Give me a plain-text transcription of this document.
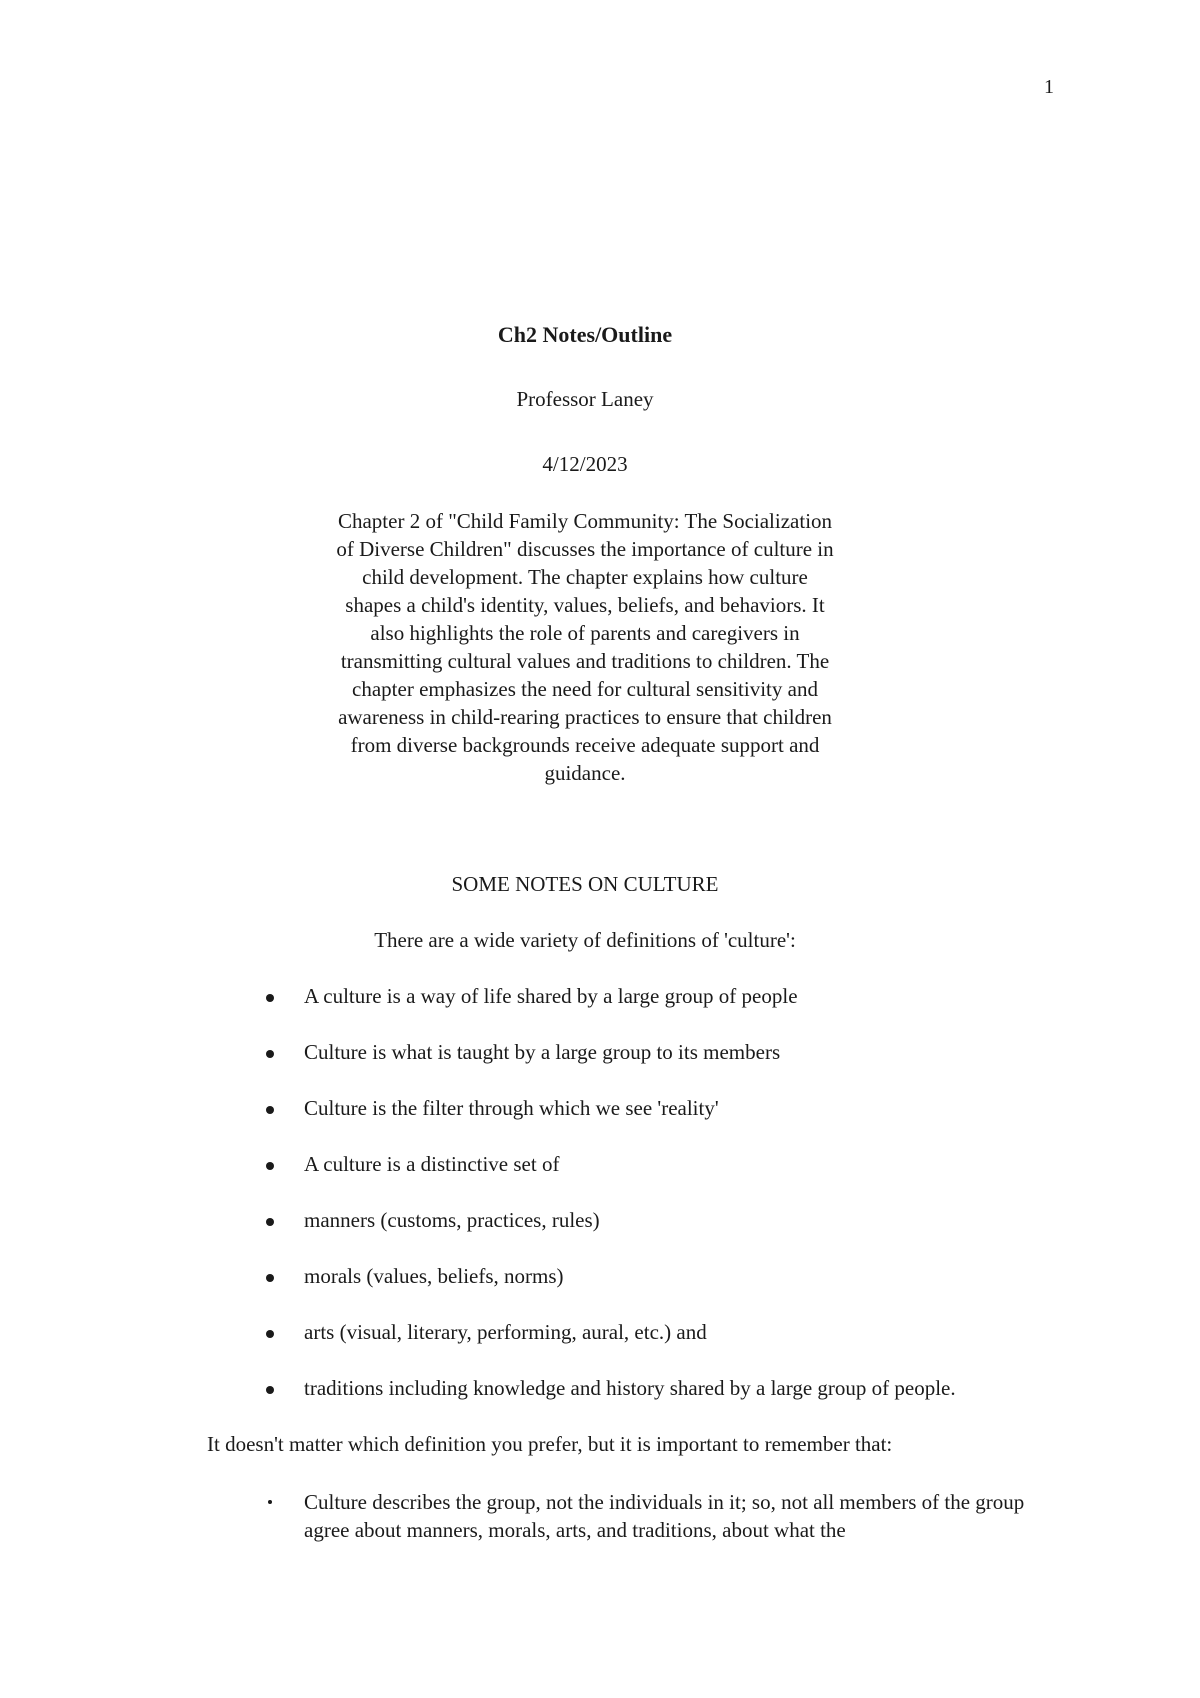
1
Ch2 Notes/Outline
Professor Laney
4/12/2023

Chapter 2 of "Child Family Community: The Socialization of Diverse Children" discusses the importance of culture in child development. The chapter explains how culture shapes a child's identity, values, beliefs, and behaviors. It also highlights the role of parents and caregivers in transmitting cultural values and traditions to children. The chapter emphasizes the need for cultural sensitivity and awareness in child-rearing practices to ensure that children from diverse backgrounds receive adequate support and guidance.

SOME NOTES ON CULTURE
There are a wide variety of definitions of 'culture':
A culture is a way of life shared by a large group of people
Culture is what is taught by a large group to its members
Culture is the filter through which we see 'reality'
A culture is a distinctive set of
manners (customs, practices, rules)
morals (values, beliefs, norms)
arts (visual, literary, performing, aural, etc.) and
traditions including knowledge and history shared by a large group of people.
It doesn't matter which definition you prefer, but it is important to remember that:
Culture describes the group, not the individuals in it; so, not all members of the group agree about manners, morals, arts, and traditions, about what the
